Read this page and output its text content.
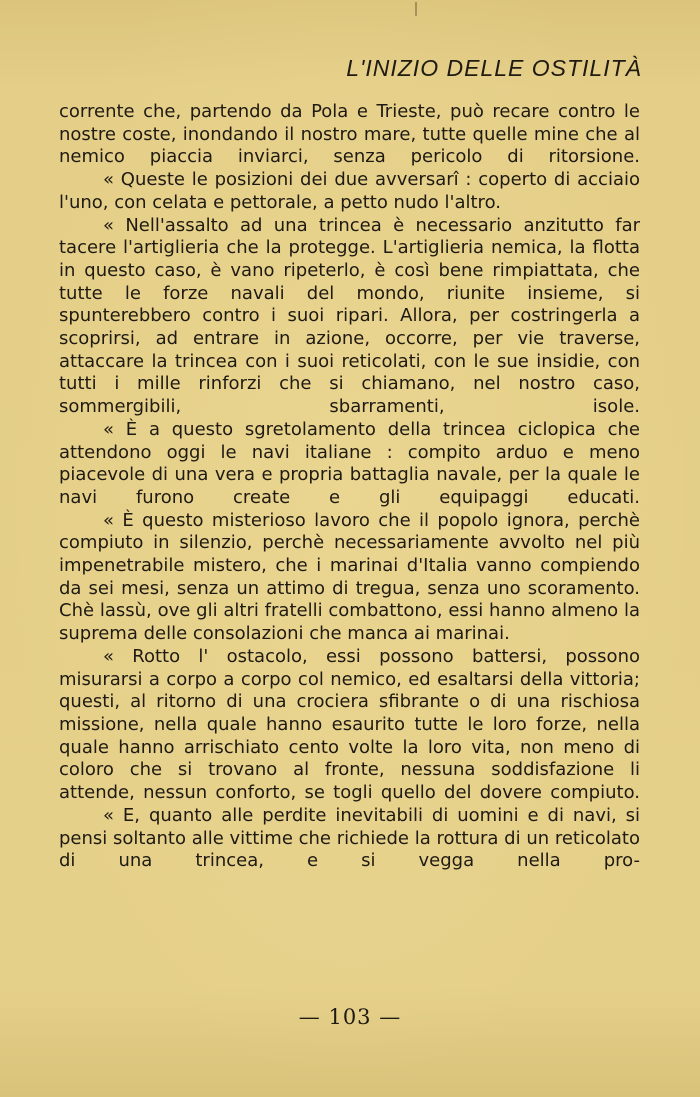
L'INIZIO DELLE OSTILITÀ

corrente che, partendo da Pola e Trieste, può recare contro le nostre coste, inondando il nostro mare, tutte quelle mine che al nemico piaccia inviarci, senza pericolo di ritorsione.

« Queste le posizioni dei due avversarî : coperto di acciaio l'uno, con celata e pettorale, a petto nudo l'altro.

« Nell'assalto ad una trincea è necessario anzitutto far tacere l'artiglieria che la protegge. L'artiglieria nemica, la flotta in questo caso, è vano ripeterlo, è così bene rimpiattata, che tutte le forze navali del mondo, riunite insieme, si spunterebbero contro i suoi ripari. Allora, per costringerla a scoprirsi, ad entrare in azione, occorre, per vie traverse, attaccare la trincea con i suoi reticolati, con le sue insidie, con tutti i mille rinforzi che si chiamano, nel nostro caso, sommergibili, sbarramenti, isole.

« È a questo sgretolamento della trincea ciclopica che attendono oggi le navi italiane : compito arduo e meno piacevole di una vera e propria battaglia navale, per la quale le navi furono create e gli equipaggi educati.

« È questo misterioso lavoro che il popolo ignora, perchè compiuto in silenzio, perchè necessariamente avvolto nel più impenetrabile mistero, che i marinai d'Italia vanno compiendo da sei mesi, senza un attimo di tregua, senza uno scoramento. Chè lassù, ove gli altri fratelli combattono, essi hanno almeno la suprema delle consolazioni che manca ai marinai.

« Rotto l' ostacolo, essi possono battersi, possono misurarsi a corpo a corpo col nemico, ed esaltarsi della vittoria; questi, al ritorno di una crociera sfibrante o di una rischiosa missione, nella quale hanno esaurito tutte le loro forze, nella quale hanno arrischiato cento volte la loro vita, non meno di coloro che si trovano al fronte, nessuna soddisfazione li attende, nessun conforto, se togli quello del dovere compiuto.

« E, quanto alle perdite inevitabili di uomini e di navi, si pensi soltanto alle vittime che richiede la rottura di un reticolato di una trincea, e si vegga nella pro-

— 103 —
